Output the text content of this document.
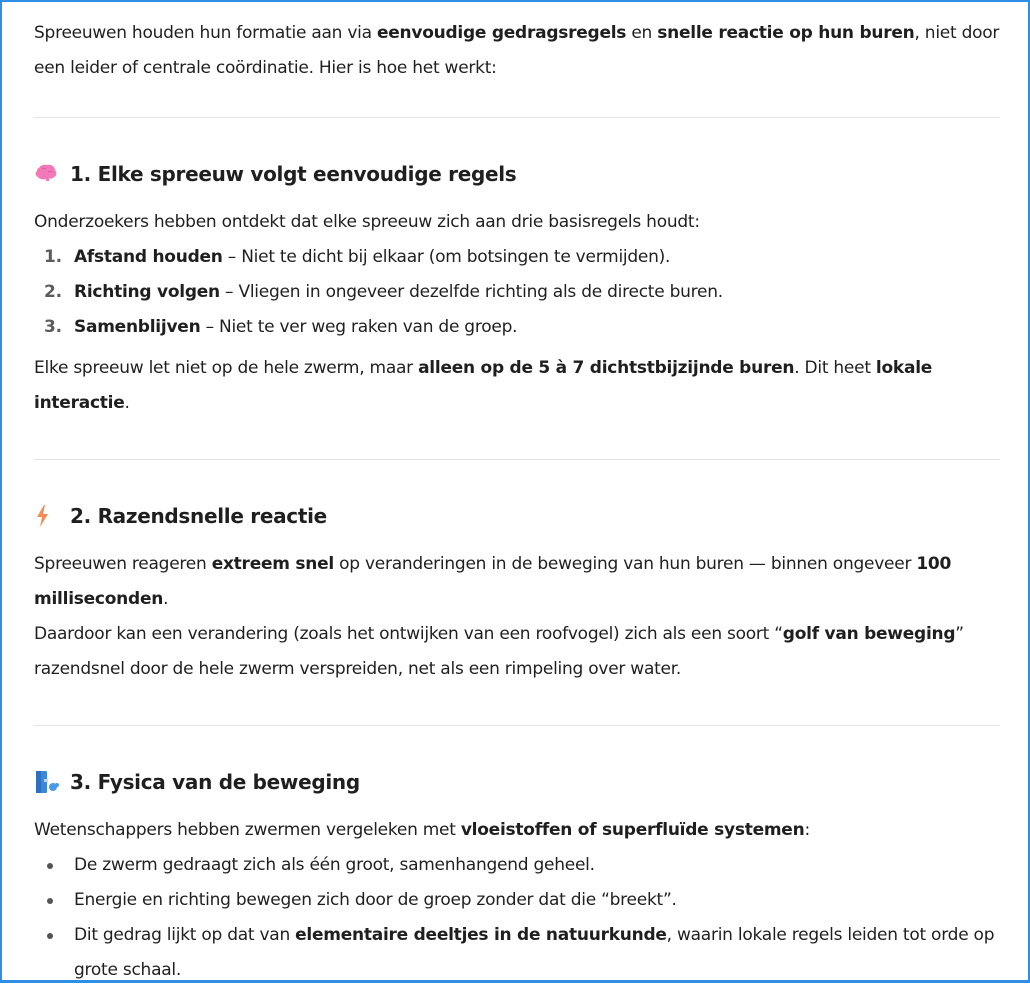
Spreeuwen houden hun formatie aan via eenvoudige gedragsregels en snelle reactie op hun buren, niet door een leider of centrale coördinatie. Hier is hoe het werkt:

1. Elke spreeuw volgt eenvoudige regels

Onderzoekers hebben ontdekt dat elke spreeuw zich aan drie basisregels houdt:

1. Afstand houden – Niet te dicht bij elkaar (om botsingen te vermijden).
2. Richting volgen – Vliegen in ongeveer dezelfde richting als de directe buren.
3. Samenblijven – Niet te ver weg raken van de groep.

Elke spreeuw let niet op de hele zwerm, maar alleen op de 5 à 7 dichtstbijzijnde buren. Dit heet lokale interactie.

2. Razendsnelle reactie

Spreeuwen reageren extreem snel op veranderingen in de beweging van hun buren — binnen ongeveer 100 milliseconden.

Daardoor kan een verandering (zoals het ontwijken van een roofvogel) zich als een soort “golf van beweging” razendsnel door de hele zwerm verspreiden, net als een rimpeling over water.

3. Fysica van de beweging

Wetenschappers hebben zwermen vergeleken met vloeistoffen of superfluïde systemen:

De zwerm gedraagt zich als één groot, samenhangend geheel.
Energie en richting bewegen zich door de groep zonder dat die “breekt”.
Dit gedrag lijkt op dat van elementaire deeltjes in de natuurkunde, waarin lokale regels leiden tot orde op grote schaal.
